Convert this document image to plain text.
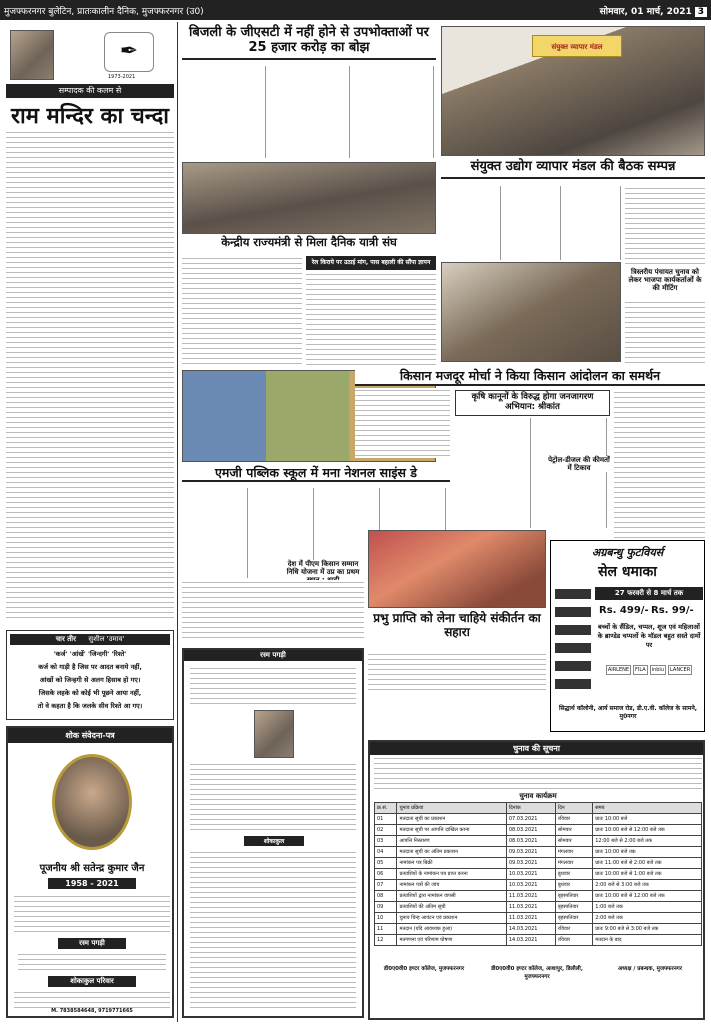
मुजफ्फरनगर बुलेटिन, प्रातःकालीन दैनिक, मुजफ्फरनगर (उ0)	सोमवार, 01 मार्च, 2021 3
✒
1973-2021
सम्पादक की कलम से
राम मन्दिर का चन्दा
चार तीर सुशील 'उमाव'
'कर्ज' 'आंखें' 'जिन्दगी' 'रिश्ते'
कर्ज को गाड़ी है जिस पर आदत बनाये नहीं,
आंखों को जिन्हगी से अलग हिसाब हो गए।
जिसके लहके को कोई भी पूछने आया नहीं,
तो वे कहता है कि जलके सीव रिश्ते आ गए।
शोक संवेदना-पत्र
पूजनीय श्री सतेन्द्र कुमार जैन
1958 - 2021
रस्म पगड़ी
शोकाकुल परिवार
M. 7838584648, 9719771665
बिजली के जीएसटी में नहीं होने से उपभोक्ताओं पर 25 हजार करोड़ का बोझ	संयुक्त व्यापार मंडल
संयुक्त उद्योग व्यापार मंडल की बैठक सम्पन्न
केन्द्रीय राज्यमंत्री से मिला दैनिक यात्री संघ
रेल किराये पर उठाई मांग, पास बहाली की सौंपा ज्ञापन
त्रिस्तरीय पंचायत चुनाव को लेकर भाजपा कार्यकर्ताओं के की मीटिंग
किसान मजदूर मोर्चा ने किया किसान आंदोलन का समर्थन
कृषि कानूनों के विरुद्ध होगा जनजागरण अभियान: श्रीकांत
पेट्रोल-डीजल की कीमतों में टिकाव
एमजी पब्लिक स्कूल में मना नेशनल साइंस डे
देश में पीएम किसान सम्मान निधि योजना में उप्र का प्रथम
प्रभु प्राप्ति को लेना चाहिये संकीर्तन का सहारा
अग्रबन्धु फुटवियर्स
सेल धमाका
27 फरवरी से 8 मार्च तक
Rs. 499/- Rs. 99/-
बच्चों के सैंडिल, चप्पल, शूज एवं महिलाओं के ब्राण्डेड चप्पलों के मॉडल बहुत सस्ते दामों पर
AIRLENE	FILA	inblu	LANCER
सिद्धार्थ कॉलोनी, आर्य समाज रोड, डी.ए.वी. कॉलेज के सामने, मु0नगर
रस्म पगड़ी
शोकाकुल
चुनाव की सूचना
चुनाव कार्यक्रम
क्र.सं.	चुनाव प्रक्रिया	दिनांक	दिन	समय
01	मतदाता सूची का प्रकाशन	07.03.2021	रविवार	प्रातः 10:00 बजे
02	मतदाता सूची पर आपत्ति दाखिल करना	08.03.2021	सोमवार	प्रातः 10:00 बजे से 12:00 बजे तक
03	आपत्ति निस्तारण	08.03.2021	सोमवार	12:00 बजे से 2:00 बजे तक
04	मतदाता सूची का अंतिम प्रकाशन	09.03.2021	मंगलवार	प्रातः 10:00 बजे तक
05	नामांकन पत्र बिक्री	09.03.2021	मंगलवार	प्रातः 11:00 बजे से 2:00 बजे तक
06	प्रत्याशियों के नामांकन पत्र प्राप्त करना	10.03.2021	बुधवार	प्रातः 10:00 बजे से 1:00 बजे तक
07	नामांकन पत्रों की जांच	10.03.2021	बुधवार	2:00 बजे से 3:00 बजे तक
08	प्रत्याशियों द्वारा नामांकन वापसी	11.03.2021	बृहस्पतिवार	प्रातः 10:00 बजे से 12:00 बजे तक
09	प्रत्याशियों की अंतिम सूची	11.03.2021	बृहस्पतिवार	1:00 बजे तक
10	चुनाव चिन्ह आवंटन एवं प्रकाशन	11.03.2021	बृहस्पतिवार	2:00 बजे तक
11	मतदान (यदि आवश्यक हुआ)	14.03.2021	रविवार	प्रातः 9:00 बजे से 3:00 बजे तक
12	मतगणना एवं परिणाम घोषणा	14.03.2021	रविवार	मतदान के बाद
डी0ए0वी0 इण्टर कॉलेज, मुजफ्फरनगर	डी0ए0वी0 इण्टर कॉलेज, आशापुर, डिलौली, मुजफ्फरनगर
अध्यक्ष / प्रबन्धक, मुजफ्फरनगर
